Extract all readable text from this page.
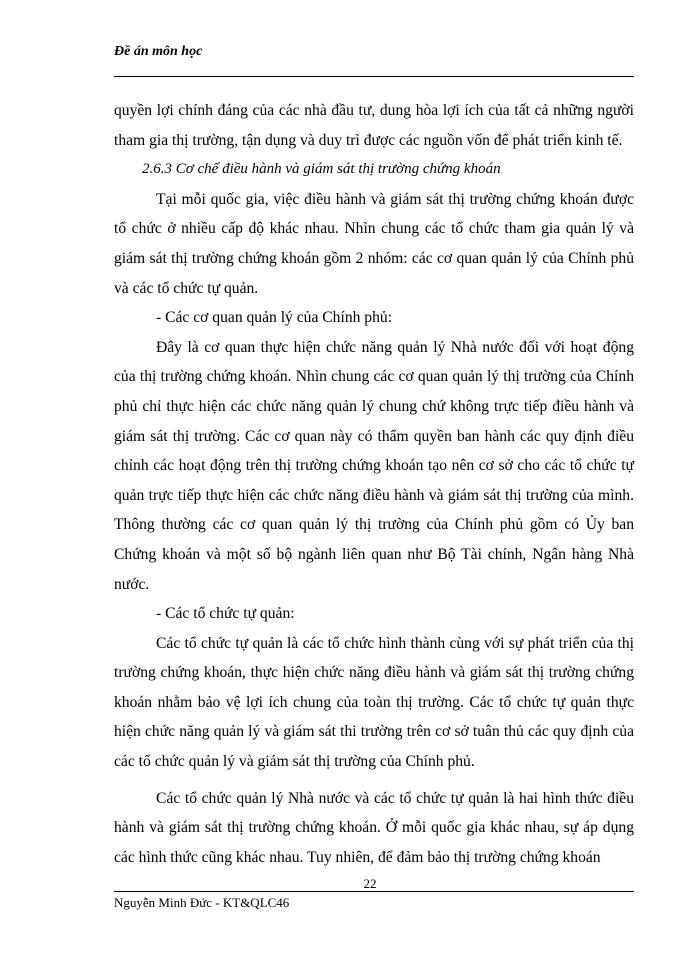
Đề án môn học

quyền lợi chính đáng của các nhà đầu tư, dung hòa lợi ích của tất cả những người tham gia thị trường, tận dụng và duy trì được các nguồn vốn để phát triển kinh tế.

2.6.3 Cơ chế điều hành và giám sát thị trường chứng khoán

Tại mỗi quốc gia, việc điều hành và giám sát thị trường chứng khoán được tổ chức ở nhiều cấp độ khác nhau. Nhìn chung các tổ chức tham gia quản lý và giám sát thị trường chứng khoán gồm 2 nhóm: các cơ quan quản lý của Chính phủ và các tổ chức tự quản.

- Các cơ quan quản lý của Chính phủ:

Đây là cơ quan thực hiện chức năng quản lý Nhà nước đối với hoạt động của thị trường chứng khoán. Nhìn chung các cơ quan quản lý thị trường của Chính phủ chỉ thực hiện các chức năng quản lý chung chứ không trực tiếp điều hành và giám sát thị trường. Các cơ quan này có thẩm quyền ban hành các quy định điều chỉnh các hoạt động trên thị trường chứng khoán tạo nên cơ sở cho các tổ chức tự quản trực tiếp thực hiện các chức năng điều hành và giám sát thị trường của mình. Thông thường các cơ quan quản lý thị trường của Chính phủ gồm có Ủy ban Chứng khoán và một số bộ ngành liên quan như Bộ Tài chính, Ngân hàng Nhà nước.

- Các tổ chức tự quản:

Các tổ chức tự quản là các tổ chức hình thành cùng với sự phát triển của thị trường chứng khoán, thực hiện chức năng điều hành và giám sát thị trường chứng khoán nhằm bảo vệ lợi ích chung của toàn thị trường. Các tổ chức tự quản thực hiện chức năng quản lý và giám sát thi trường trên cơ sở tuân thủ các quy định của các tổ chức quản lý và giám sát thị trường của Chính phủ.

Các tổ chức quản lý Nhà nước và các tổ chức tự quản là hai hình thức điều hành và giám sát thị trường chứng khoán. Ở mỗi quốc gia khác nhau, sự áp dụng các hình thức cũng khác nhau. Tuy nhiên, để đảm bảo thị trường chứng khoán

22
Nguyễn Minh Đức - KT&QLC46
